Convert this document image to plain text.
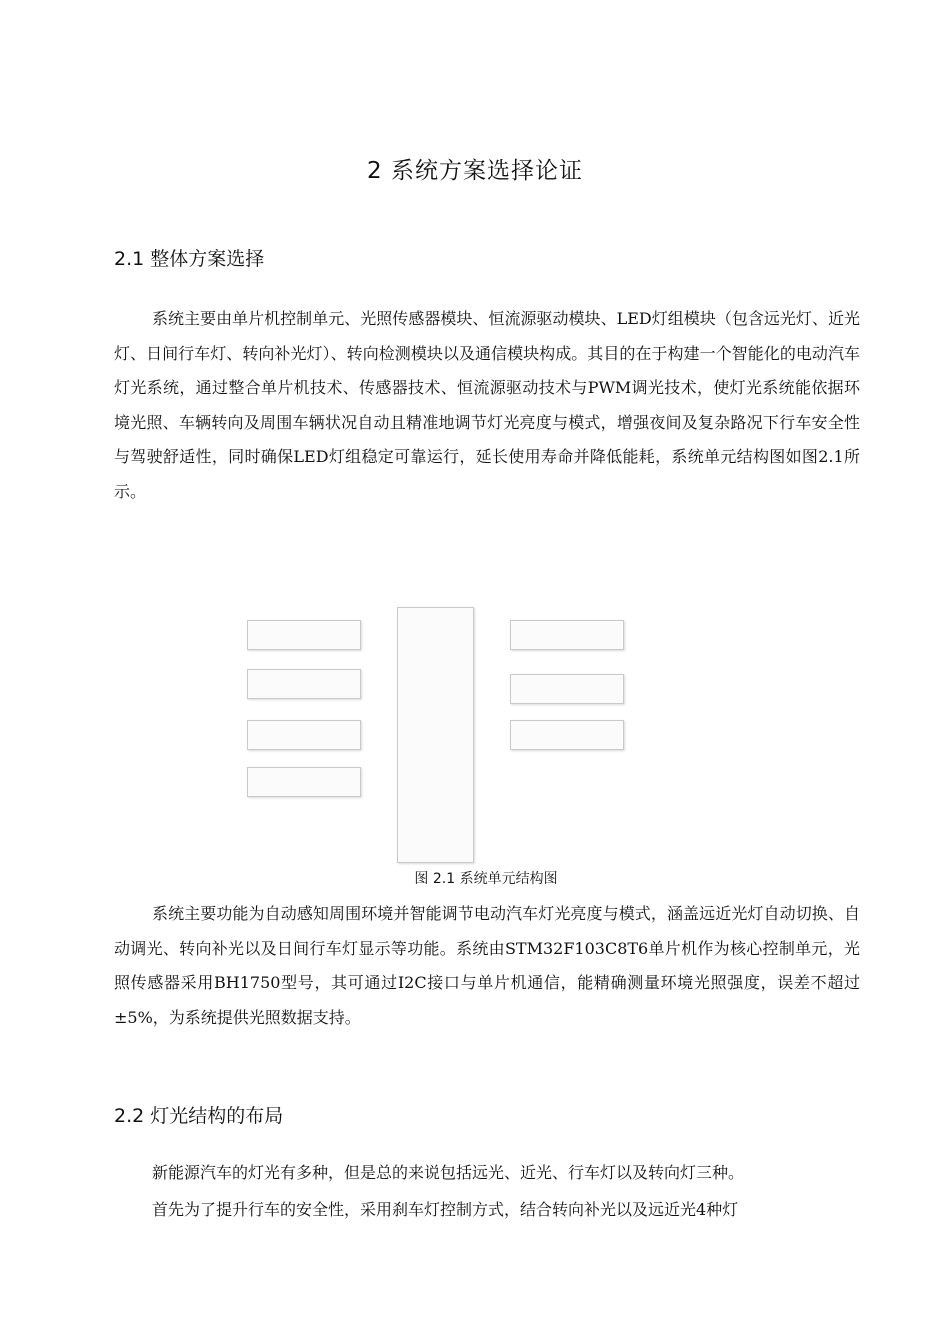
2 系统方案选择论证
2.1 整体方案选择

系统主要由单片机控制单元、光照传感器模块、恒流源驱动模块、LED灯组模块（包含远光灯、近光灯、日间行车灯、转向补光灯）、转向检测模块以及通信模块构成。其目的在于构建一个智能化的电动汽车灯光系统，通过整合单片机技术、传感器技术、恒流源驱动技术与PWM调光技术，使灯光系统能依据环境光照、车辆转向及周围车辆状况自动且精准地调节灯光亮度与模式，增强夜间及复杂路况下行车安全性与驾驶舒适性，同时确保LED灯组稳定可靠运行，延长使用寿命并降低能耗，系统单元结构图如图2.1所示。

图 2.1 系统单元结构图

系统主要功能为自动感知周围环境并智能调节电动汽车灯光亮度与模式，涵盖远近光灯自动切换、自动调光、转向补光以及日间行车灯显示等功能。系统由STM32F103C8T6单片机作为核心控制单元，光照传感器采用BH1750型号，其可通过I2C接口与单片机通信，能精确测量环境光照强度，误差不超过±5%，为系统提供光照数据支持。

2.2 灯光结构的布局

新能源汽车的灯光有多种，但是总的来说包括远光、近光、行车灯以及转向灯三种。

首先为了提升行车的安全性，采用刹车灯控制方式，结合转向补光以及远近光4种灯
